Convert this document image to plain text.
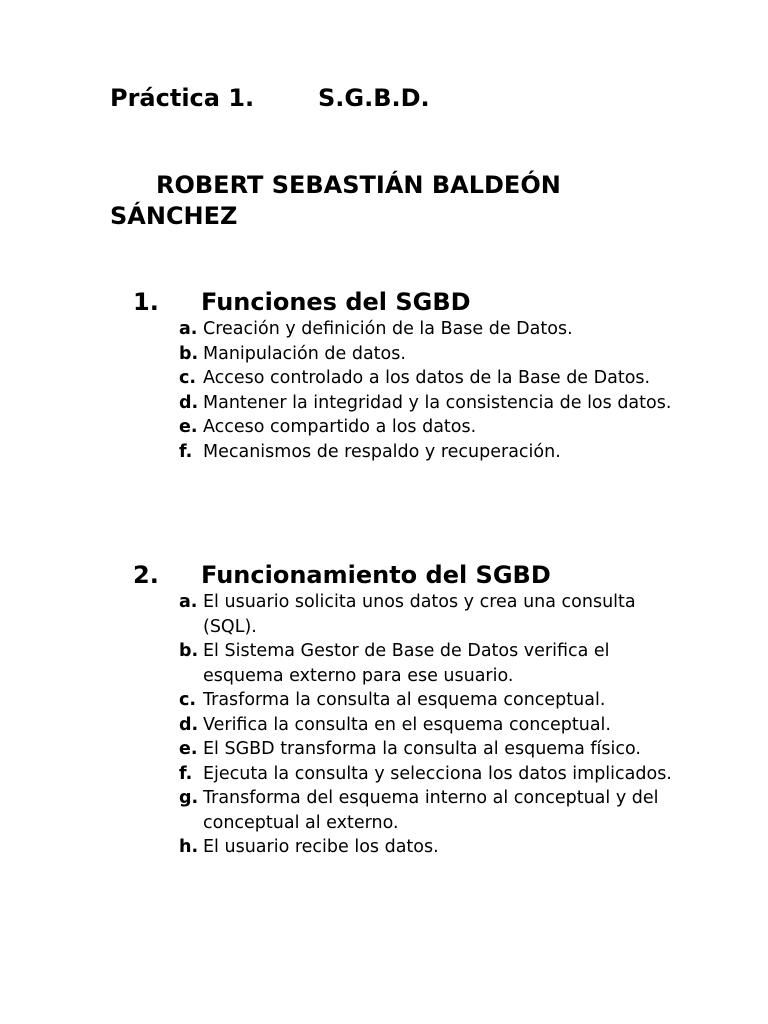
Práctica 1.	S.G.B.D.
ROBERT SEBASTIÁN BALDEÓN SÁNCHEZ
1. Funciones del SGBD
a. Creación y definición de la Base de Datos.
b. Manipulación de datos.
c. Acceso controlado a los datos de la Base de Datos.
d. Mantener la integridad y la consistencia de los datos.
e. Acceso compartido a los datos.
f. Mecanismos de respaldo y recuperación.
2. Funcionamiento del SGBD
a. El usuario solicita unos datos y crea una consulta (SQL).
b. El Sistema Gestor de Base de Datos verifica el esquema externo para ese usuario.
c. Trasforma la consulta al esquema conceptual.
d. Verifica la consulta en el esquema conceptual.
e. El SGBD transforma la consulta al esquema físico.
f. Ejecuta la consulta y selecciona los datos implicados.
g. Transforma del esquema interno al conceptual y del conceptual al externo.
h. El usuario recibe los datos.
